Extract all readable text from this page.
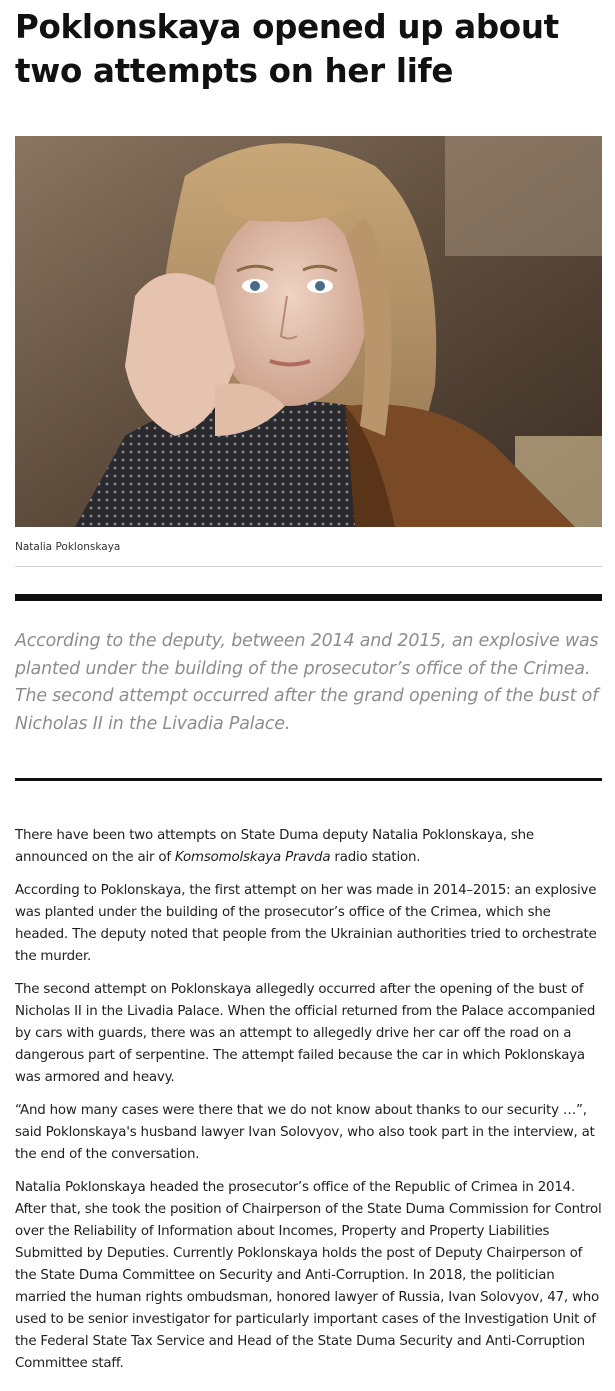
Poklonskaya opened up about two attempts on her life
Natalia Poklonskaya

According to the deputy, between 2014 and 2015, an explosive was planted under the building of the prosecutor’s office of the Crimea. The second attempt occurred after the grand opening of the bust of Nicholas II in the Livadia Palace.

There have been two attempts on State Duma deputy Natalia Poklonskaya, she announced on the air of Komsomolskaya Pravda radio station.

According to Poklonskaya, the first attempt on her was made in 2014–2015: an explosive was planted under the building of the prosecutor’s office of the Crimea, which she headed. The deputy noted that people from the Ukrainian authorities tried to orchestrate the murder.

The second attempt on Poklonskaya allegedly occurred after the opening of the bust of Nicholas II in the Livadia Palace. When the official returned from the Palace accompanied by cars with guards, there was an attempt to allegedly drive her car off the road on a dangerous part of serpentine. The attempt failed because the car in which Poklonskaya was armored and heavy.

“And how many cases were there that we do not know about thanks to our security …”, said Poklonskaya's husband lawyer Ivan Solovyov, who also took part in the interview, at the end of the conversation.

Natalia Poklonskaya headed the prosecutor’s office of the Republic of Crimea in 2014. After that, she took the position of Chairperson of the State Duma Commission for Control over the Reliability of Information about Incomes, Property and Property Liabilities Submitted by Deputies. Currently Poklonskaya holds the post of Deputy Chairperson of the State Duma Committee on Security and Anti-Corruption. In 2018, the politician married the human rights ombudsman, honored lawyer of Russia, Ivan Solovyov, 47, who used to be senior investigator for particularly important cases of the Investigation Unit of the Federal State Tax Service and Head of the State Duma Security and Anti-Corruption Committee staff.
